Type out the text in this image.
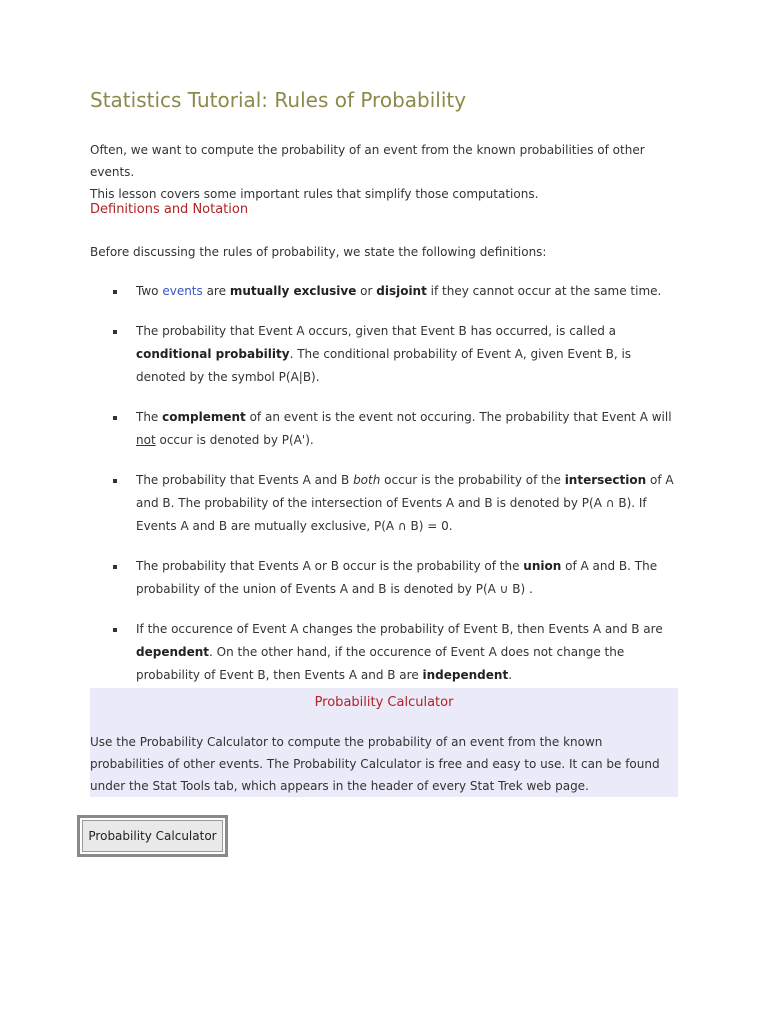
Statistics Tutorial: Rules of Probability
Often, we want to compute the probability of an event from the known probabilities of other events.
This lesson covers some important rules that simplify those computations.
Definitions and Notation

Before discussing the rules of probability, we state the following definitions:

Two events are mutually exclusive or disjoint if they cannot occur at the same time.
The probability that Event A occurs, given that Event B has occurred, is called a conditional probability. The conditional probability of Event A, given Event B, is denoted by the symbol P(A|B).
The complement of an event is the event not occuring. The probability that Event A will not occur is denoted by P(A').
The probability that Events A and B both occur is the probability of the intersection of A and B. The probability of the intersection of Events A and B is denoted by P(A ∩ B). If Events A and B are mutually exclusive, P(A ∩ B) = 0.
The probability that Events A or B occur is the probability of the union of A and B. The probability of the union of Events A and B is denoted by P(A ∪ B) .
If the occurence of Event A changes the probability of Event B, then Events A and B are dependent. On the other hand, if the occurence of Event A does not change the probability of Event B, then Events A and B are independent.
Probability Calculator

Use the Probability Calculator to compute the probability of an event from the known probabilities of other events. The Probability Calculator is free and easy to use. It can be found under the Stat Tools tab, which appears in the header of every Stat Trek web page.

Probability Calculator
